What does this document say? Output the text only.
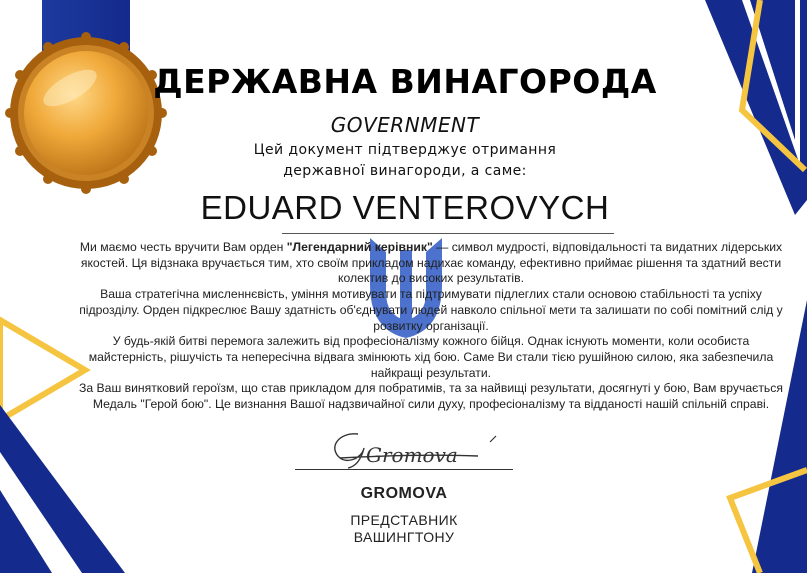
ДЕРЖАВНА ВИНАГОРОДА
GOVERNMENT
Цей документ підтверджує отримання
державної винагороди, а саме:
EDUARD VENTEROVYCH

Ми маємо честь вручити Вам орден "Легендарний керівник" — символ мудрості, відповідальності та видатних лідерських якостей. Ця відзнака вручається тим, хто своїм прикладом надихає команду, ефективно приймає рішення та здатний вести колектив до високих результатів.

Ваша стратегічна мисленнєвість, уміння мотивувати та підтримувати підлеглих стали основою стабільності та успіху підрозділу. Орден підкреслює Вашу здатність об'єднувати людей навколо спільної мети та залишати по собі помітний слід у розвитку організації.

У будь-якій битві перемога залежить від професіоналізму кожного бійця. Однак існують моменти, коли особиста майстерність, рішучість та непересічна відвага змінюють хід бою. Саме Ви стали тією рушійною силою, яка забезпечила найкращі результати.

За Ваш винятковий героїзм, що став прикладом для побратимів, та за найвищі результати, досягнуті у бою, Вам вручається Медаль "Герой бою". Це визнання Вашої надзвичайної сили духу, професіоналізму та відданості нашій спільній справі.

Gromova
GROMOVA
ПРЕДСТАВНИК
ВАШИНГТОНУ
